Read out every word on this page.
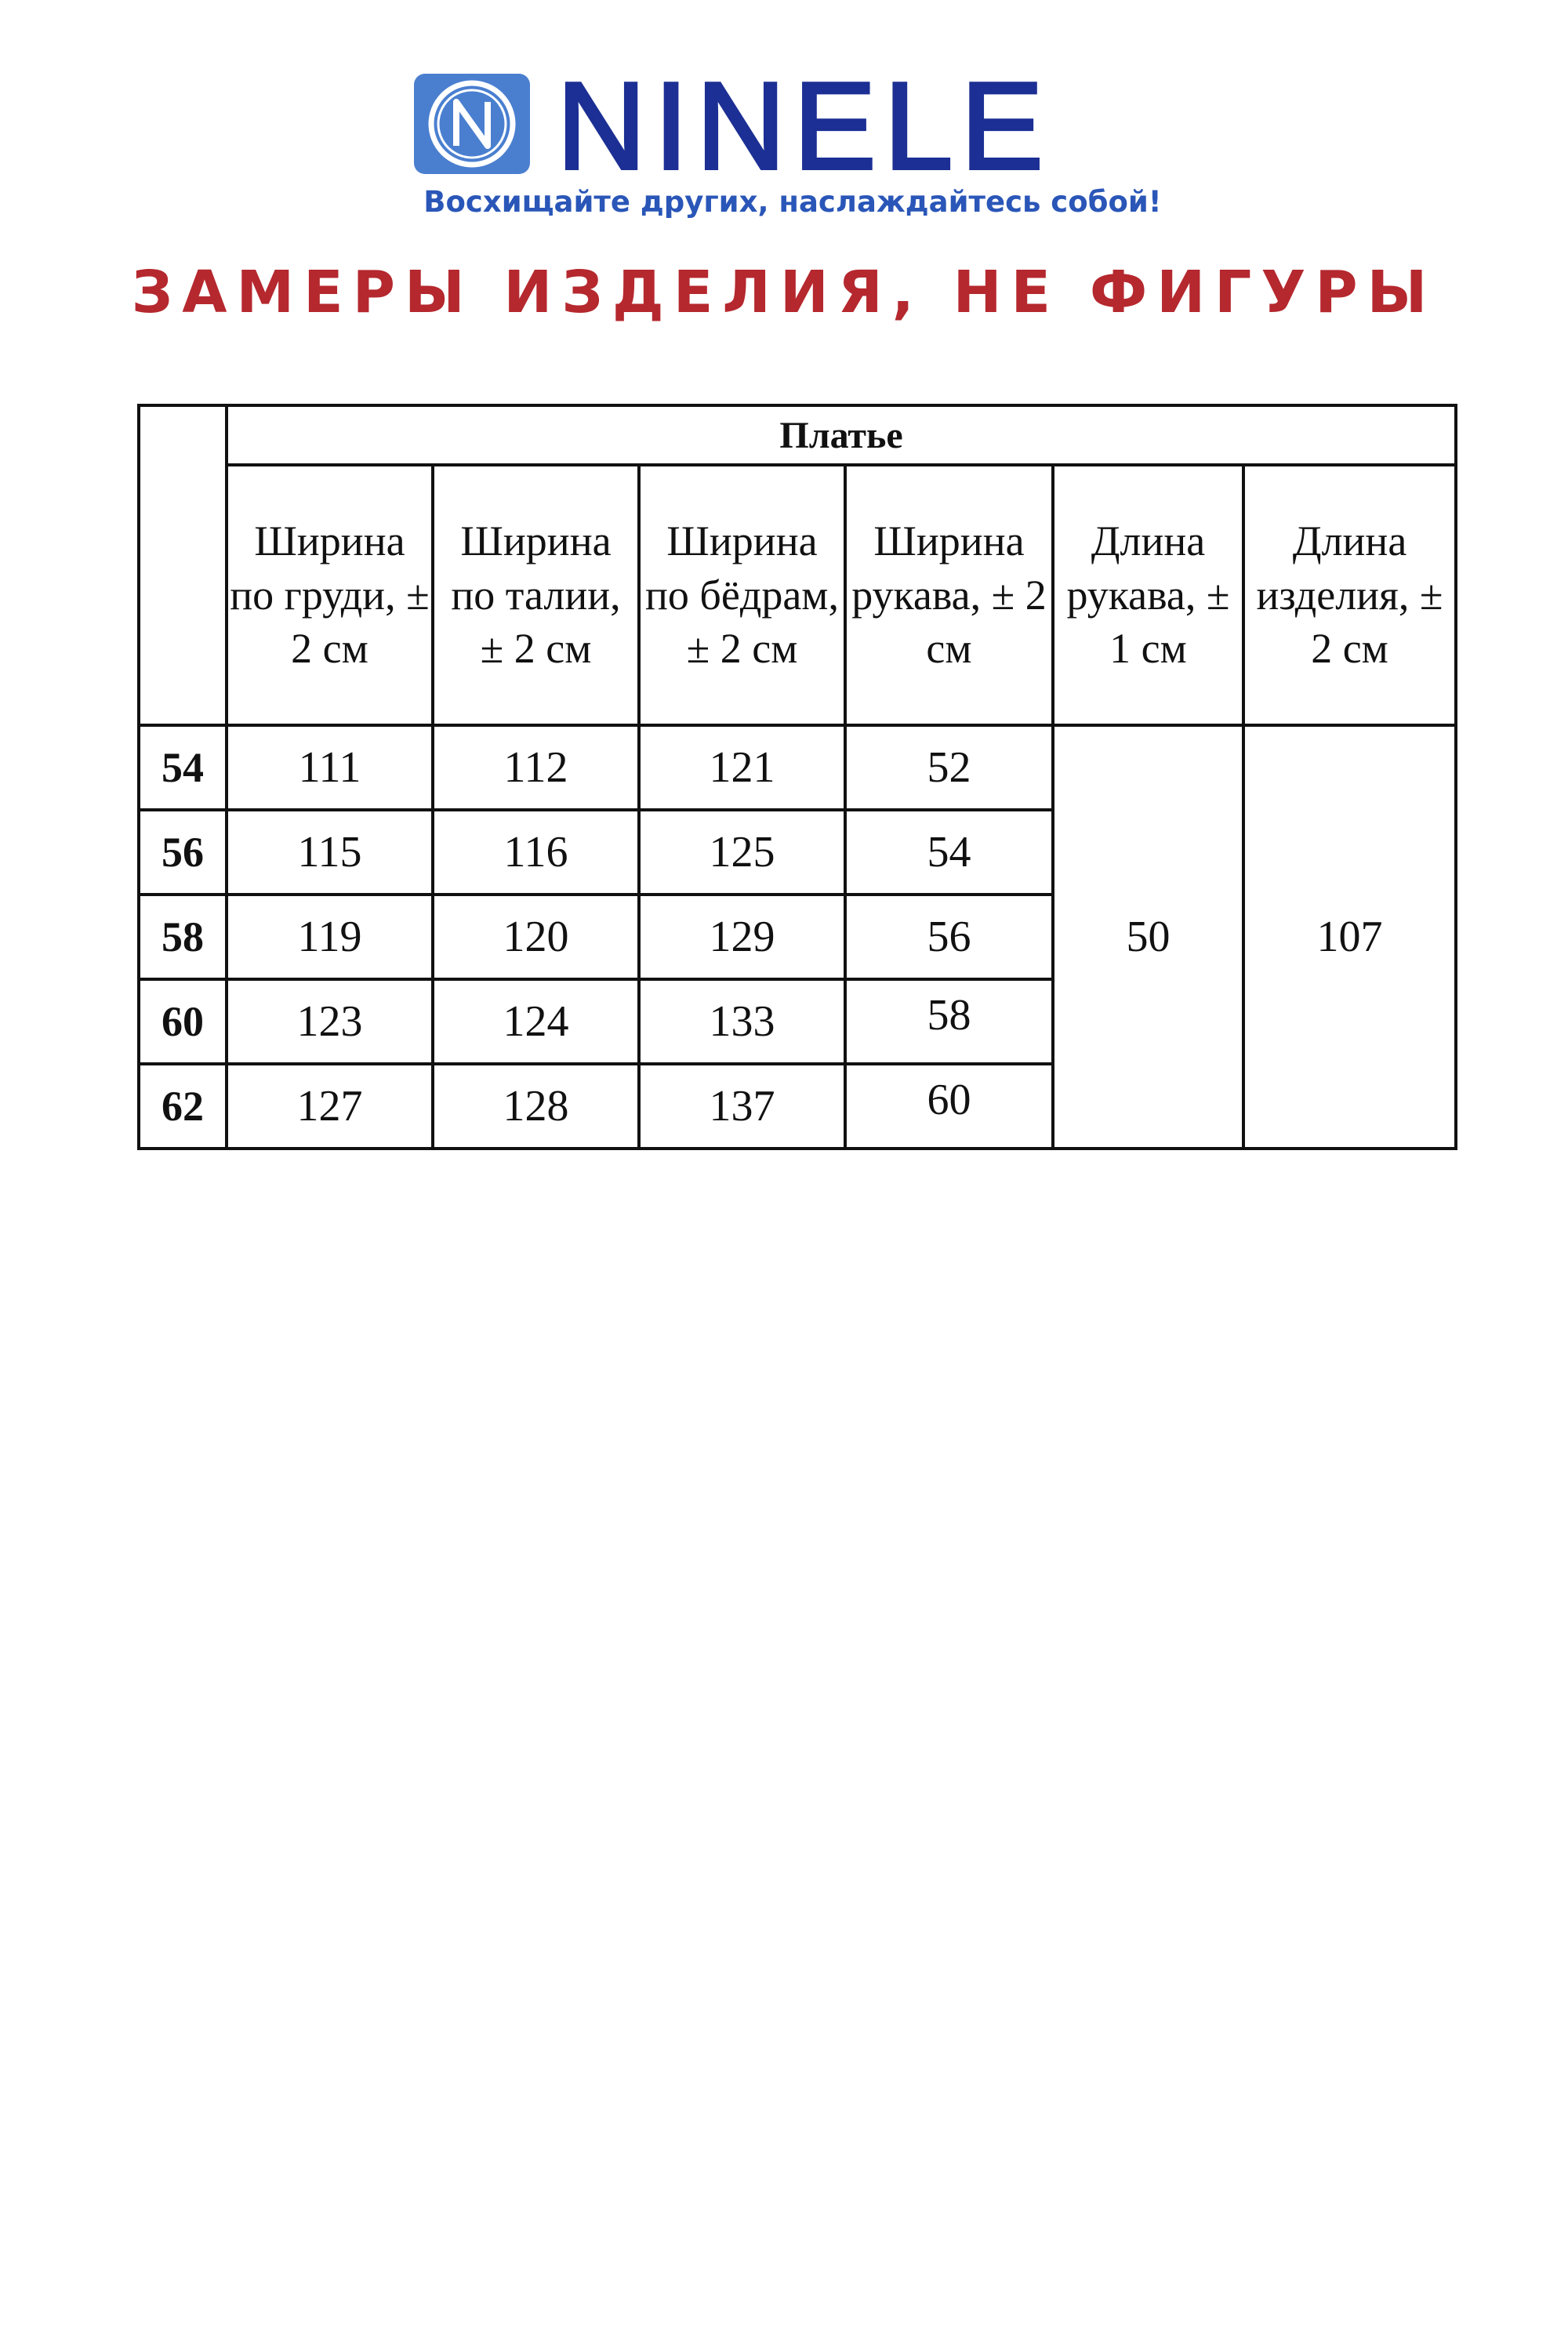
NINELE
Восхищайте других, наслаждайтесь собой!
ЗАМЕРЫ ИЗДЕЛИЯ, НЕ ФИГУРЫ
	Платье					
	Ширина по груди, ± 2 см	Ширина по талии, ± 2 см	Ширина по бёдрам, ± 2 см	Ширина рукава, ± 2 см	Длина рукава, ± 1 см	Длина изделия, ± 2 см
54	111	112	121	52	50	107
56	115	116	125	54		
58	119	120	129	56		
60	123	124	133	58		
62	127	128	137	60		
